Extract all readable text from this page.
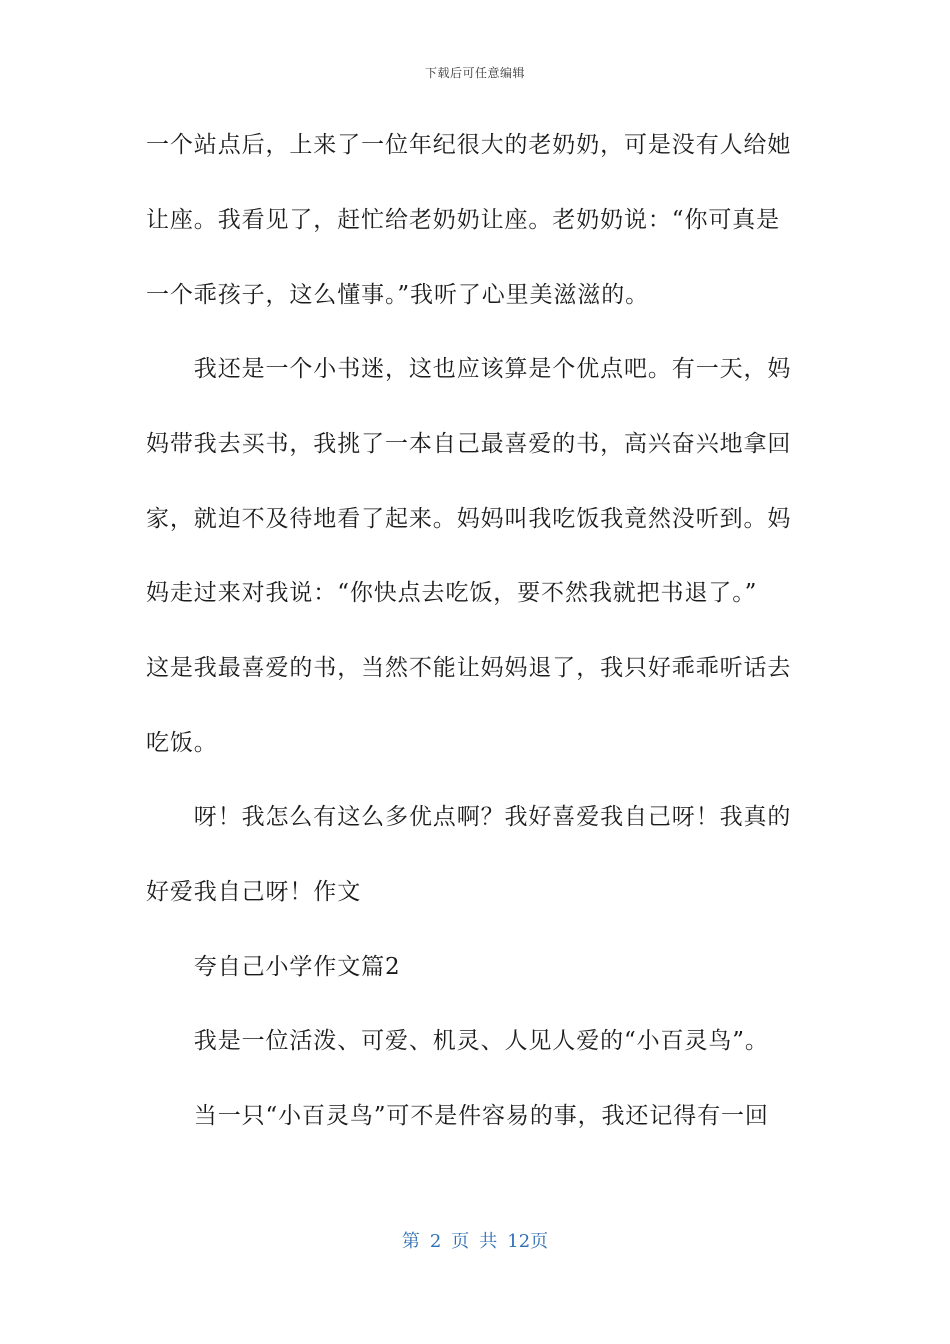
下载后可任意编辑
一个站点后，上来了一位年纪很大的老奶奶，可是没有人给她
让座。我看见了，赶忙给老奶奶让座。老奶奶说：“你可真是
一个乖孩子，这么懂事。”我听了心里美滋滋的。
　　我还是一个小书迷，这也应该算是个优点吧。有一天，妈
妈带我去买书，我挑了一本自己最喜爱的书，高兴奋兴地拿回
家，就迫不及待地看了起来。妈妈叫我吃饭我竟然没听到。妈
妈走过来对我说：“你快点去吃饭，要不然我就把书退了。”
这是我最喜爱的书，当然不能让妈妈退了，我只好乖乖听话去
吃饭。
　　呀！我怎么有这么多优点啊？我好喜爱我自己呀！我真的
好爱我自己呀！作文
　　夸自己小学作文篇2
　　我是一位活泼、可爱、机灵、人见人爱的“小百灵鸟”。
　　当一只“小百灵鸟”可不是件容易的事，我还记得有一回
第 2 页 共 12页
